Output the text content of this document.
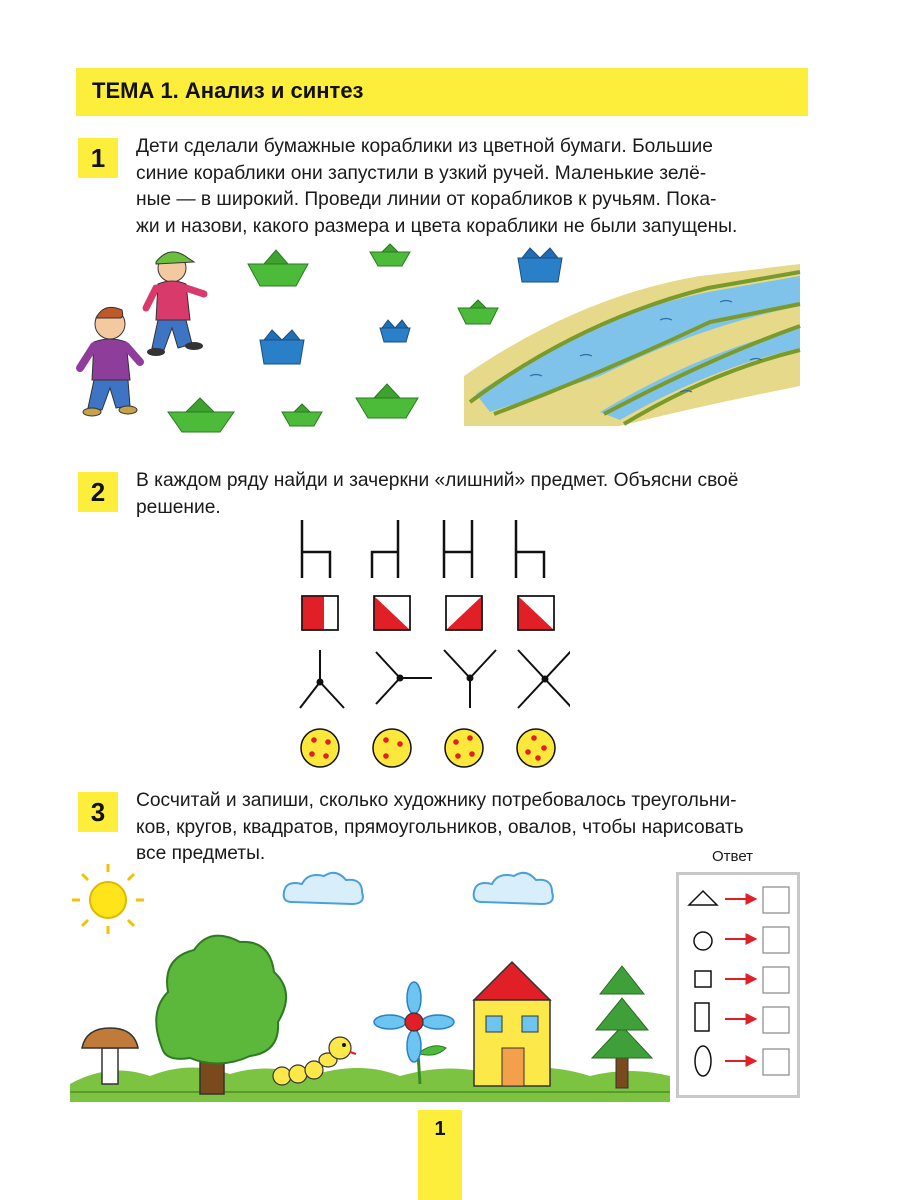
ТЕМА 1. Анализ и синтез
1	Дети сделали бумажные кораблики из цветной бумаги. Большие
синие кораблики они запустили в узкий ручей. Маленькие зелё-
ные — в широкий. Проведи линии от корабликов к ручьям. Пока-
жи и назови, какого размера и цвета кораблики не были запущены.
2	В каждом ряду найди и зачеркни «лишний» предмет. Объясни своё
решение.
3	Сосчитай и запиши, сколько художнику потребовалось треугольни-
ков, кругов, квадратов, прямоугольников, овалов, чтобы нарисовать
все предметы.	Ответ
1
